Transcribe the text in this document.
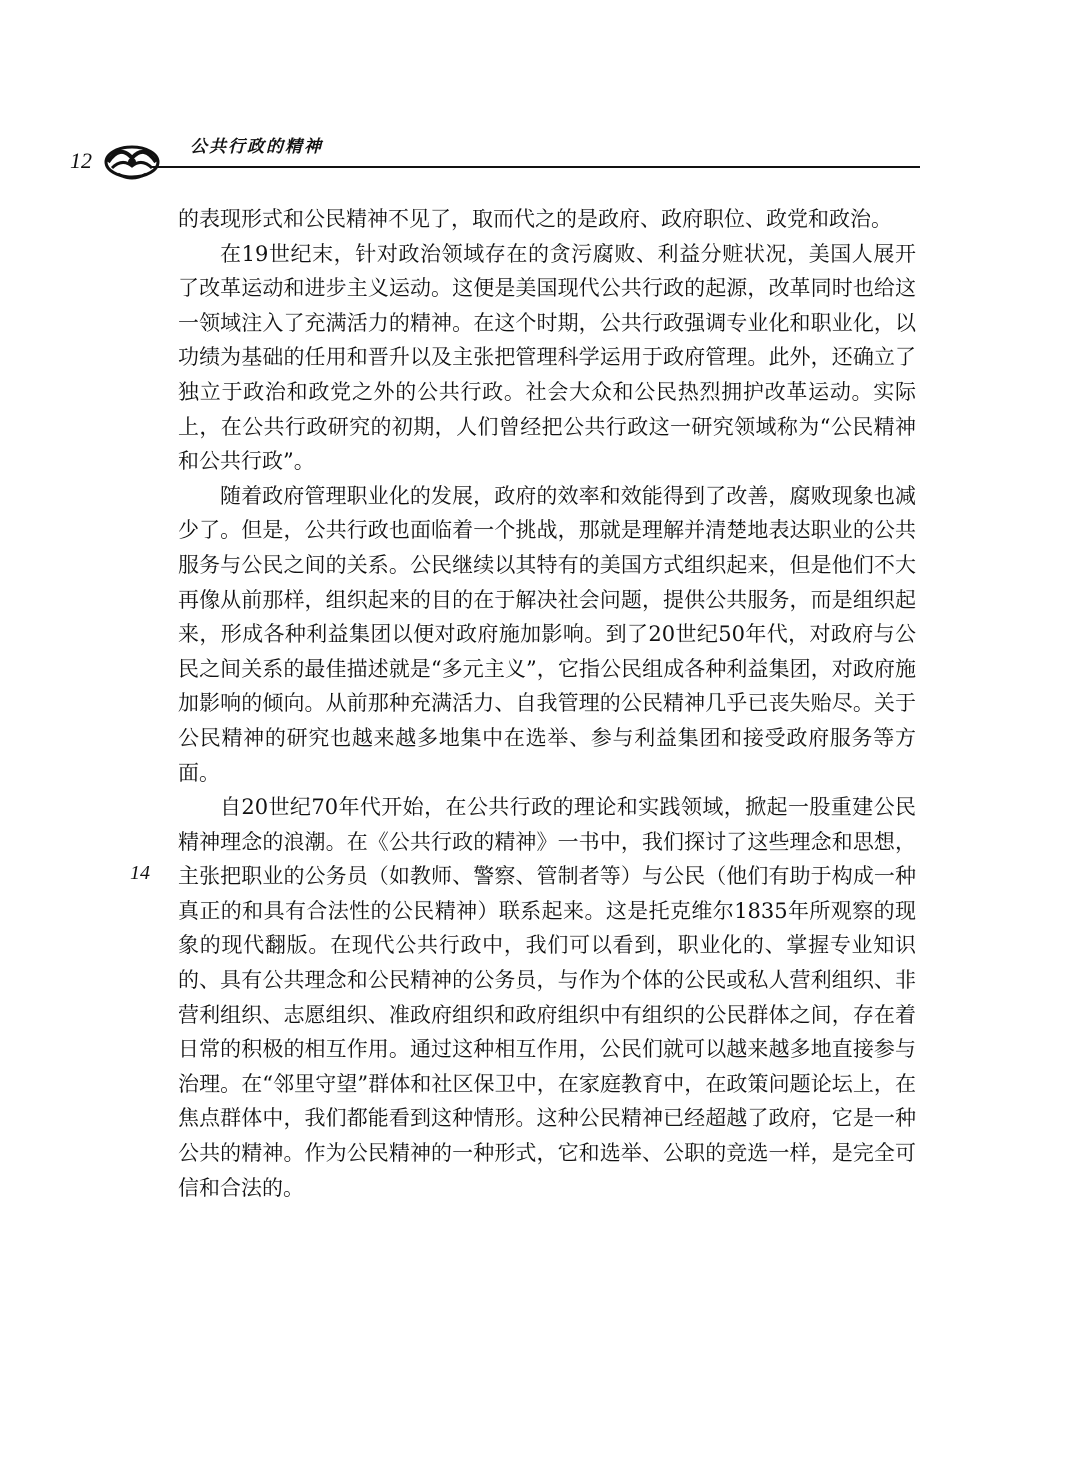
12
公共行政的精神
14

的表现形式和公民精神不见了，取而代之的是政府、政府职位、政党和政治。

在19世纪末，针对政治领域存在的贪污腐败、利益分赃状况，美国人展开了改革运动和进步主义运动。这便是美国现代公共行政的起源，改革同时也给这一领域注入了充满活力的精神。在这个时期，公共行政强调专业化和职业化，以功绩为基础的任用和晋升以及主张把管理科学运用于政府管理。此外，还确立了独立于政治和政党之外的公共行政。社会大众和公民热烈拥护改革运动。实际上，在公共行政研究的初期，人们曾经把公共行政这一研究领域称为“公民精神和公共行政”。

随着政府管理职业化的发展，政府的效率和效能得到了改善，腐败现象也减少了。但是，公共行政也面临着一个挑战，那就是理解并清楚地表达职业的公共服务与公民之间的关系。公民继续以其特有的美国方式组织起来，但是他们不大再像从前那样，组织起来的目的在于解决社会问题，提供公共服务，而是组织起来，形成各种利益集团以便对政府施加影响。到了20世纪50年代，对政府与公民之间关系的最佳描述就是“多元主义”，它指公民组成各种利益集团，对政府施加影响的倾向。从前那种充满活力、自我管理的公民精神几乎已丧失贻尽。关于公民精神的研究也越来越多地集中在选举、参与利益集团和接受政府服务等方面。

自20世纪70年代开始，在公共行政的理论和实践领域，掀起一股重建公民精神理念的浪潮。在《公共行政的精神》一书中，我们探讨了这些理念和思想，主张把职业的公务员（如教师、警察、管制者等）与公民（他们有助于构成一种真正的和具有合法性的公民精神）联系起来。这是托克维尔1835年所观察的现象的现代翻版。在现代公共行政中，我们可以看到，职业化的、掌握专业知识的、具有公共理念和公民精神的公务员，与作为个体的公民或私人营利组织、非营利组织、志愿组织、准政府组织和政府组织中有组织的公民群体之间，存在着日常的积极的相互作用。通过这种相互作用，公民们就可以越来越多地直接参与治理。在“邻里守望”群体和社区保卫中，在家庭教育中，在政策问题论坛上，在焦点群体中，我们都能看到这种情形。这种公民精神已经超越了政府，它是一种公共的精神。作为公民精神的一种形式，它和选举、公职的竞选一样，是完全可信和合法的。
